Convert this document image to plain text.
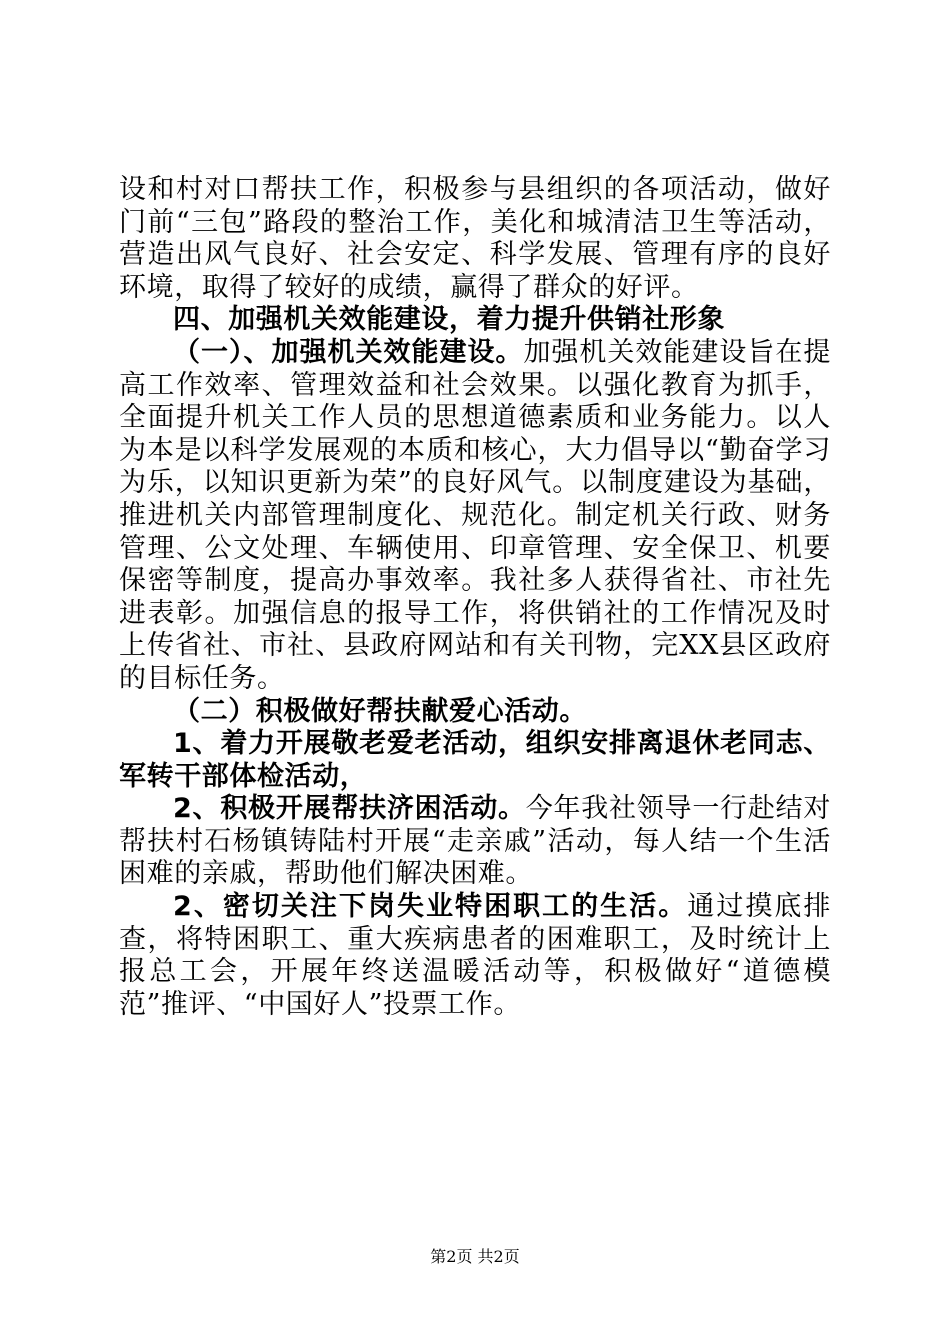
设和村对口帮扶工作，积极参与县组织的各项活动，做好门前“三包”路段的整治工作，美化和城清洁卫生等活动，营造出风气良好、社会安定、科学发展、管理有序的良好环境，取得了较好的成绩，赢得了群众的好评。

四、加强机关效能建设，着力提升供销社形象

（一）、加强机关效能建设。加强机关效能建设旨在提高工作效率、管理效益和社会效果。以强化教育为抓手，全面提升机关工作人员的思想道德素质和业务能力。以人为本是以科学发展观的本质和核心，大力倡导以“勤奋学习为乐，以知识更新为荣”的良好风气。以制度建设为基础，推进机关内部管理制度化、规范化。制定机关行政、财务管理、公文处理、车辆使用、印章管理、安全保卫、机要保密等制度，提高办事效率。我社多人获得省社、市社先进表彰。加强信息的报导工作，将供销社的工作情况及时上传省社、市社、县政府网站和有关刊物，完XX县区政府的目标任务。

（二）积极做好帮扶献爱心活动。

1、着力开展敬老爱老活动，组织安排离退休老同志、军转干部体检活动，

2、积极开展帮扶济困活动。今年我社领导一行赴结对帮扶村石杨镇铸陆村开展“走亲戚”活动，每人结一个生活困难的亲戚，帮助他们解决困难。

2、密切关注下岗失业特困职工的生活。通过摸底排查，将特困职工、重大疾病患者的困难职工，及时统计上报总工会，开展年终送温暖活动等，积极做好“道德模范”推评、“中国好人”投票工作。

第2页 共2页
